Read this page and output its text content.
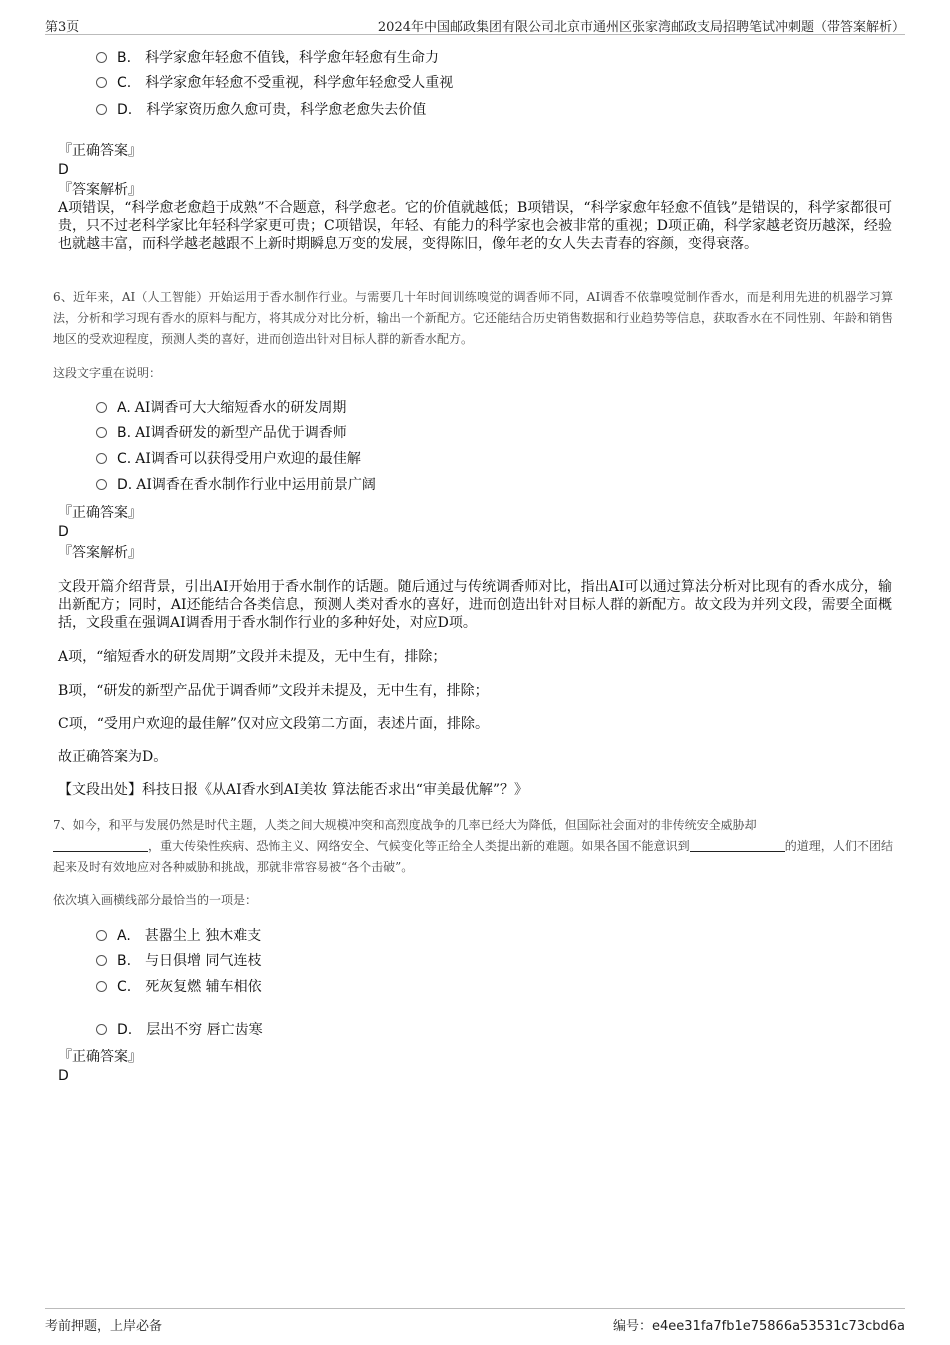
第3页	2024年中国邮政集团有限公司北京市通州区张家湾邮政支局招聘笔试冲刺题（带答案解析）
B. 科学家愈年轻愈不值钱，科学愈年轻愈有生命力
C. 科学家愈年轻愈不受重视，科学愈年轻愈受人重视
D. 科学家资历愈久愈可贵，科学愈老愈失去价值
『正确答案』
D
『答案解析』
A项错误，“科学愈老愈趋于成熟”不合题意，科学愈老。它的价值就越低；B项错误，“科学家愈年轻愈不值钱”是错误的，科学家都很可贵，只不过老科学家比年轻科学家更可贵；C项错误，年轻、有能力的科学家也会被非常的重视；D项正确，科学家越老资历越深，经验也就越丰富，而科学越老越跟不上新时期瞬息万变的发展，变得陈旧，像年老的女人失去青春的容颜，变得衰落。
6、近年来，AI（人工智能）开始运用于香水制作行业。与需要几十年时间训练嗅觉的调香师不同，AI调香不依靠嗅觉制作香水，而是利用先进的机器学习算法，分析和学习现有香水的原料与配方，将其成分对比分析，输出一个新配方。它还能结合历史销售数据和行业趋势等信息，获取香水在不同性别、年龄和销售地区的受欢迎程度，预测人类的喜好，进而创造出针对目标人群的新香水配方。
这段文字重在说明：
A. AI调香可大大缩短香水的研发周期
B. AI调香研发的新型产品优于调香师
C. AI调香可以获得受用户欢迎的最佳解
D. AI调香在香水制作行业中运用前景广阔
『正确答案』
D
『答案解析』
文段开篇介绍背景，引出AI开始用于香水制作的话题。随后通过与传统调香师对比，指出AI可以通过算法分析对比现有的香水成分，输出新配方；同时，AI还能结合各类信息，预测人类对香水的喜好，进而创造出针对目标人群的新配方。故文段为并列文段，需要全面概括，文段重在强调AI调香用于香水制作行业的多种好处，对应D项。
A项，“缩短香水的研发周期”文段并未提及，无中生有，排除；
B项，“研发的新型产品优于调香师”文段并未提及，无中生有，排除；
C项，“受用户欢迎的最佳解”仅对应文段第二方面，表述片面，排除。
故正确答案为D。
【文段出处】科技日报《从AI香水到AI美妆 算法能否求出“审美最优解”？》
7、如今，和平与发展仍然是时代主题，人类之间大规模冲突和高烈度战争的几率已经大为降低，但国际社会面对的非传统安全威胁却
，重大传染性疾病、恐怖主义、网络安全、气候变化等正给全人类提出新的难题。如果各国不能意识到	的道理，人们不团结起来及时有效地应对各种威胁和挑战，那就非常容易被“各个击破”。
依次填入画横线部分最恰当的一项是：
A. 甚嚣尘上 独木难支
B. 与日俱增 同气连枝
C. 死灰复燃 辅车相依
D. 层出不穷 唇亡齿寒
『正确答案』
D
考前押题，上岸必备	编号：e4ee31fa7fb1e75866a53531c73cbd6a
